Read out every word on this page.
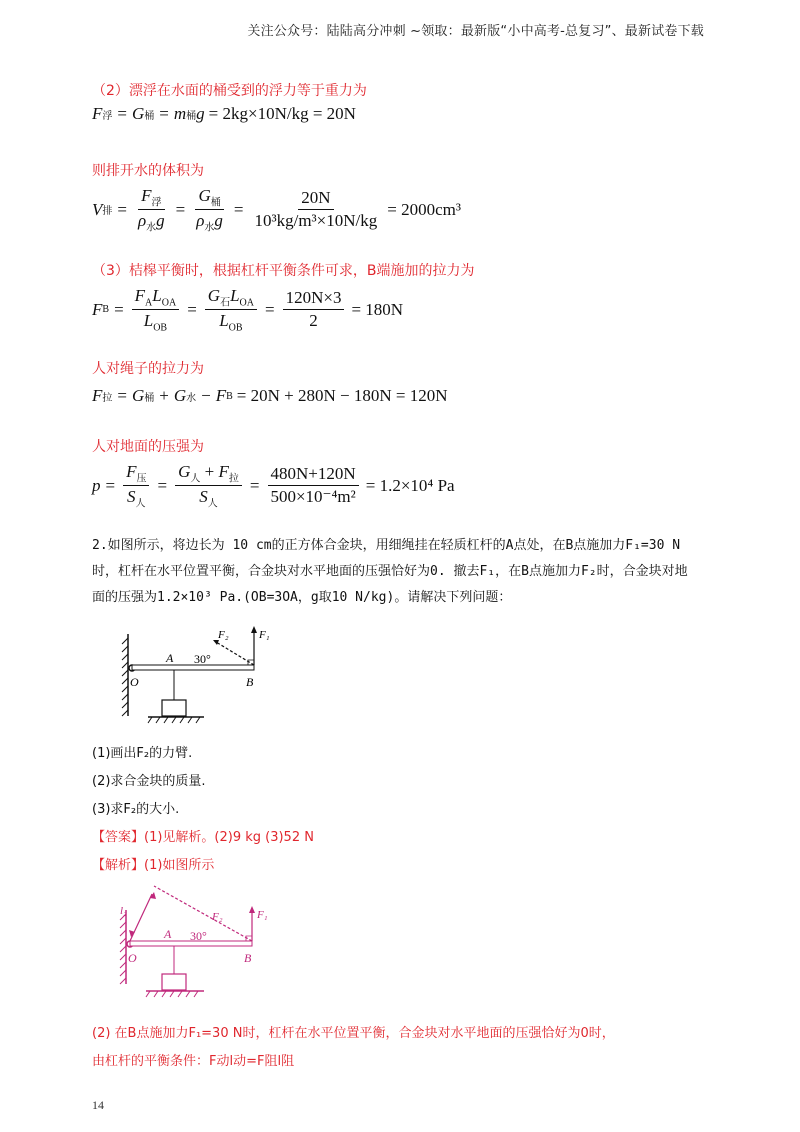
关注公众号：陆陆高分冲刺 ~领取：最新版“小中高考-总复习”、最新试卷下载
（2）漂浮在水面的桶受到的浮力等于重力为
F 浮 = G 桶 = m 桶 g = 2kg×10N/kg = 20N
则排开水的体积为
V 排 = $\frac{F_浮}{\rho_水g} = \frac{G_桶}{\rho_水g} = \frac{20N}{\text{10³kg/m³×10N/kg}} = 2000cm^3$
（3）桔槔平衡时，根据杠杆平衡条件可求，B端施加的拉力为
F $B = \frac{F_AL_{OA}}{L_{OB}} = \frac{G_石L_{OA}}{L_{OB}} = \frac{120N\times 3}{2} = 180N$
人对绳子的拉力为
F 拉 = G 桶 + G 水 − F B = 20N + 280N − 180N = 120N
人对地面的压强为
$p = \frac{F_压}{S_人} = \frac{G_人 + F_拉}{S_人} = \frac{480N+120N}{\text{500×10⁻⁴m²}} = 1.2\times 10^4$ Pa
2.如图所示，将边长为 10 cm的正方体合金块，用细绳挂在轻质杠杆的A点处，在B点施加力F₁=30 N
时，杠杆在水平位置平衡，合金块对水平地面的压强恰好为0. 撤去F₁，在B点施加力F₂时，合金块对地
面的压强为1.2×10³ Pa.(OB=3OA，g取10 N/kg)。请解决下列问题：
F₁
F₂
30°
A
O	B
(1)画出F₂的力臂.
(2)求合金块的质量.
(3)求F₂的大小.
【答案】(1)见解析。(2)9 kg (3)52 N
【解析】(1)如图所示
F₁
F₂
l₂
30°
A
O	B
(2) 在B点施加力F₁=30 N时，杠杆在水平位置平衡，合金块对水平地面的压强恰好为0时，
由杠杆的平衡条件：F动l动=F阻l阻
14
